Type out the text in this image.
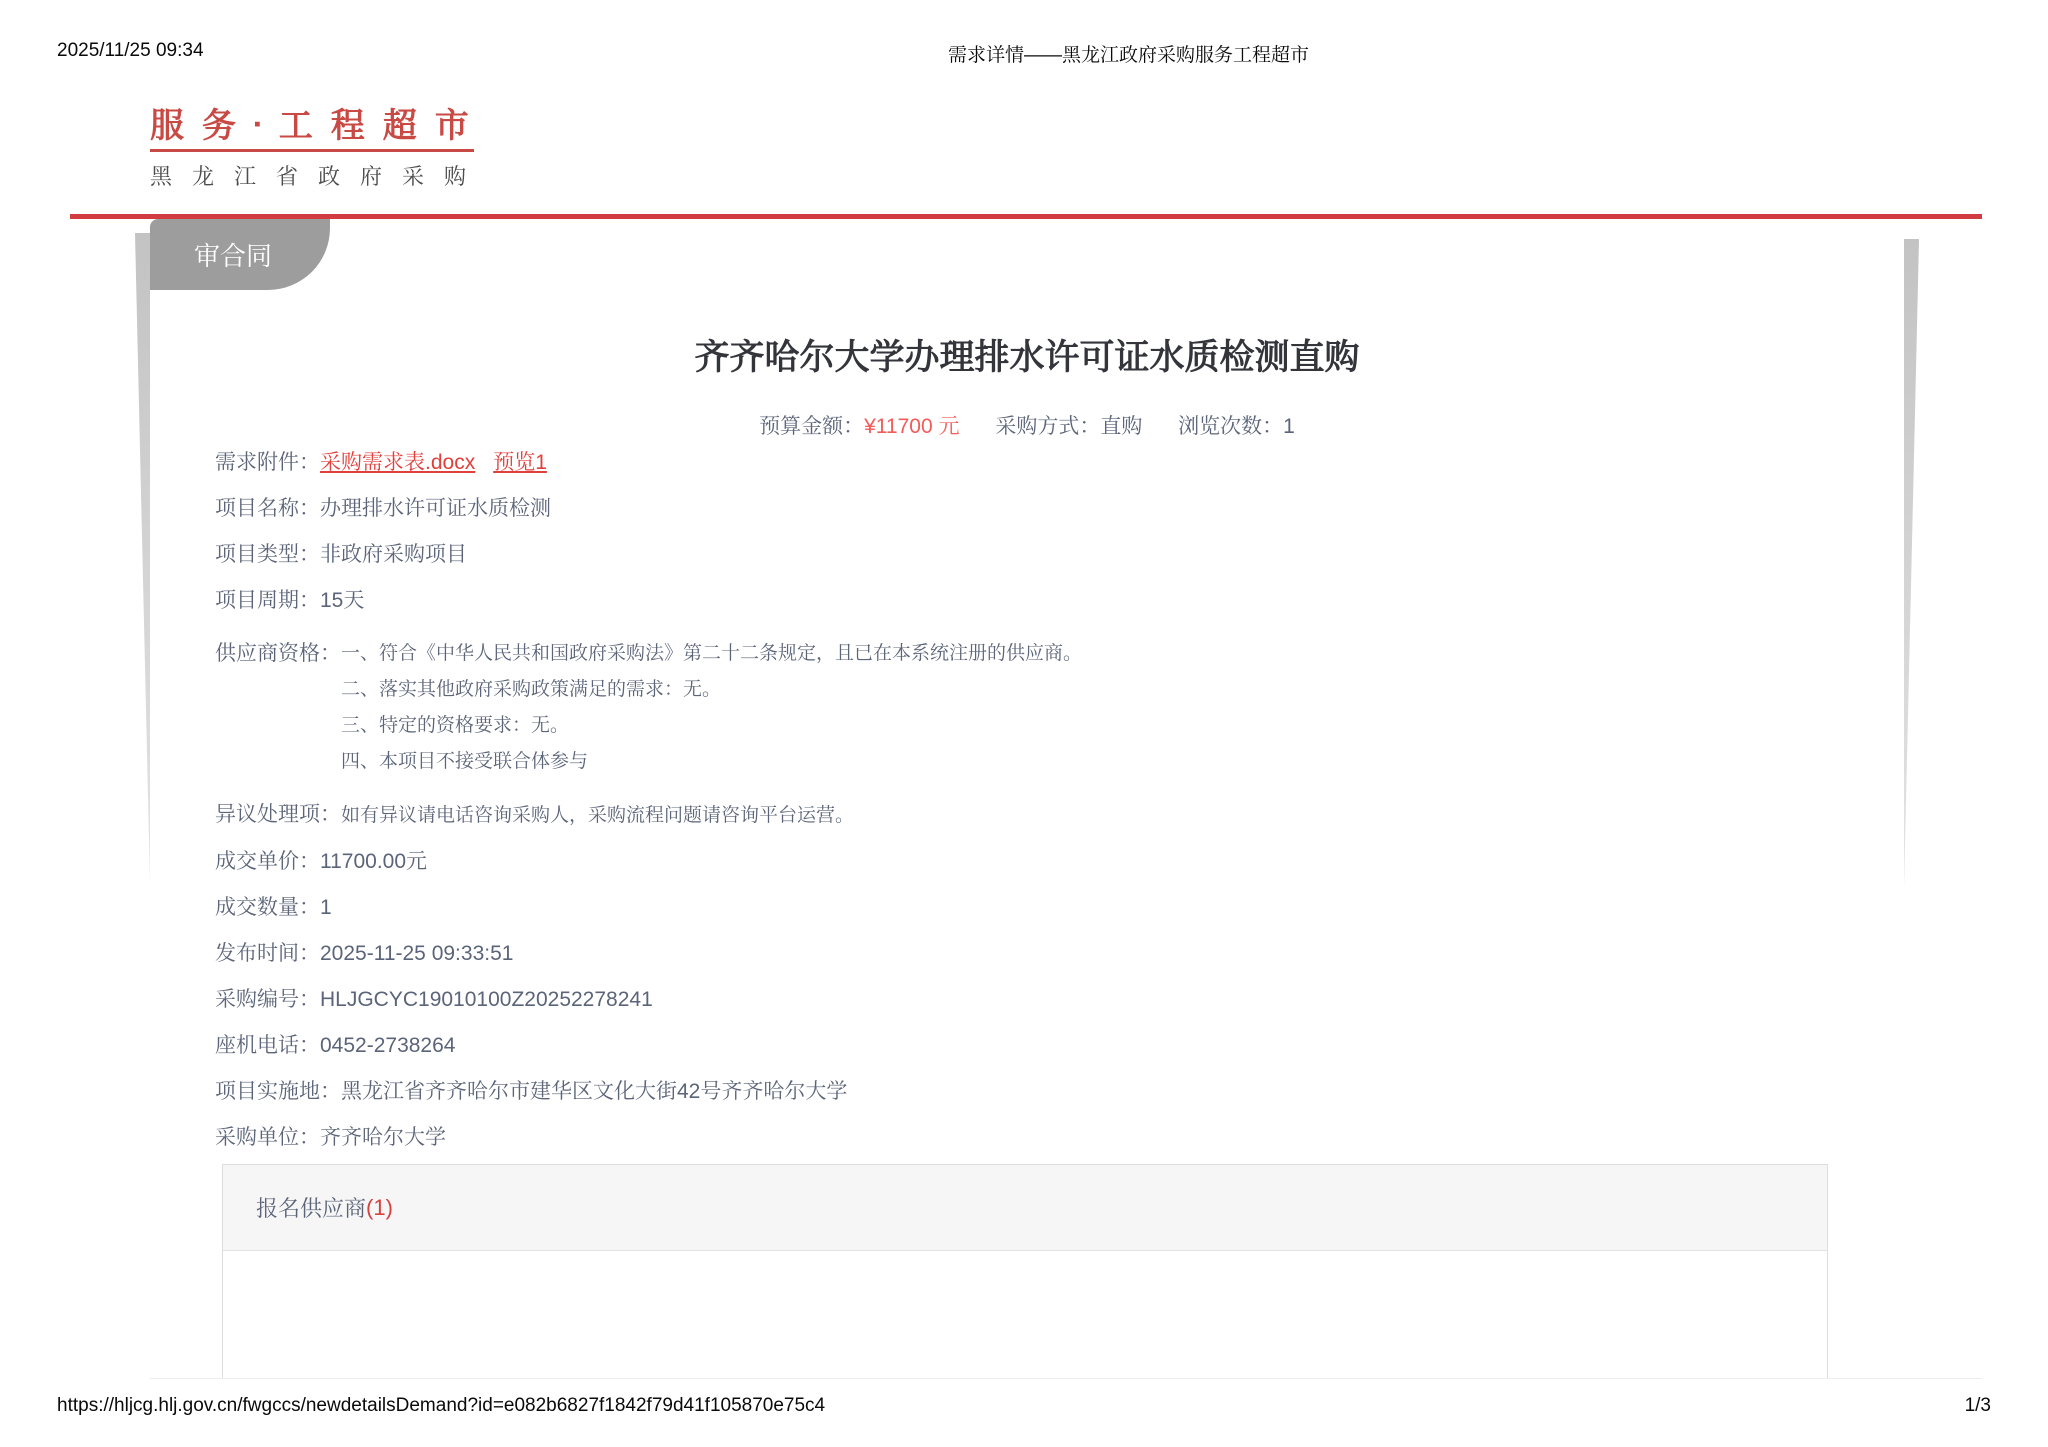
2025/11/25 09:34	需求详情——黑龙江政府采购服务工程超市
服务▪工程超市
黑龙江省政府采购
审合同
齐齐哈尔大学办理排水许可证水质检测直购
预算金额：¥11700 元 采购方式：直购 浏览次数：1
需求附件： 采购需求表.docx 预览1
项目名称： 办理排水许可证水质检测
项目类型： 非政府采购项目
项目周期： 15天
供应商资格： 一、符合《中华人民共和国政府采购法》第二十二条规定，且已在本系统注册的供应商。
二、落实其他政府采购政策满足的需求：无。
三、特定的资格要求：无。
四、本项目不接受联合体参与
异议处理项： 如有异议请电话咨询采购人，采购流程问题请咨询平台运营。
成交单价： 11700.00元
成交数量： 1
发布时间： 2025-11-25 09:33:51
采购编号： HLJGCYC19010100Z20252278241
座机电话： 0452-2738264
项目实施地： 黑龙江省齐齐哈尔市建华区文化大街42号齐齐哈尔大学
采购单位： 齐齐哈尔大学
报名供应商 (1)
https://hljcg.hlj.gov.cn/fwgccs/newdetailsDemand?id=e082b6827f1842f79d41f105870e75c4	1/3
